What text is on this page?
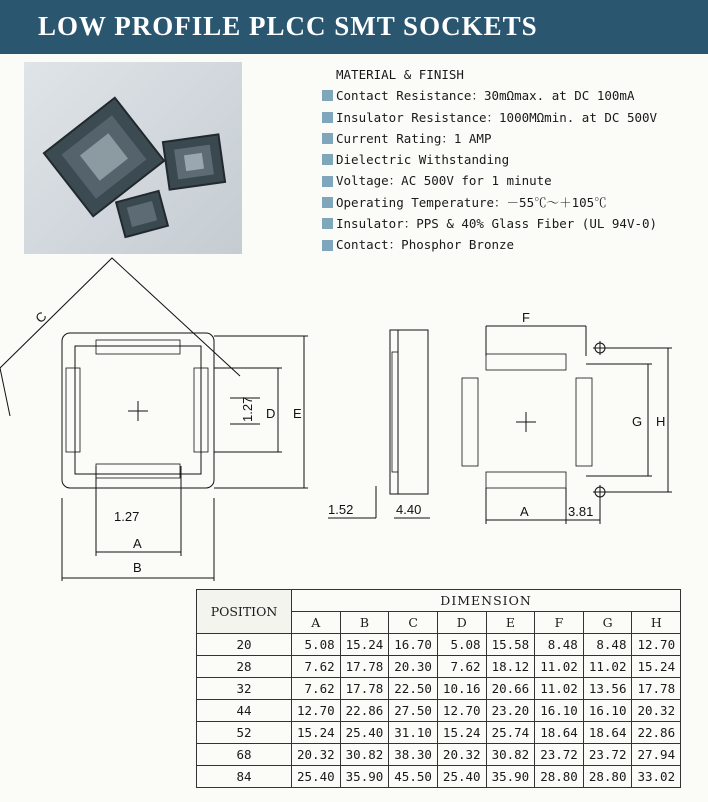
LOW PROFILE PLCC SMT SOCKETS
MATERIAL & FINISH
Contact Resistance：30mΩmax. at DC 100mA
Insulator Resistance：1000MΩmin. at DC 500V
Current Rating：1 AMP
Dielectric Withstanding
Voltage：AC 500V for 1 minute
Operating Temperature：－55℃～＋105℃
Insulator：PPS & 40% Glass Fiber (UL 94V-0)
Contact：Phosphor Bronze
C
E
D
1.27
1.27
A
B
1.52	4.40
F
G H
A	3.81
POSITION	DIMENSION							
	A	B	C	D	E	F	G	H
20	5.08	15.24	16.70	5.08	15.58	8.48	8.48	12.70
28	7.62	17.78	20.30	7.62	18.12	11.02	11.02	15.24
32	7.62	17.78	22.50	10.16	20.66	11.02	13.56	17.78
44	12.70	22.86	27.50	12.70	23.20	16.10	16.10	20.32
52	15.24	25.40	31.10	15.24	25.74	18.64	18.64	22.86
68	20.32	30.82	38.30	20.32	30.82	23.72	23.72	27.94
84	25.40	35.90	45.50	25.40	35.90	28.80	28.80	33.02
